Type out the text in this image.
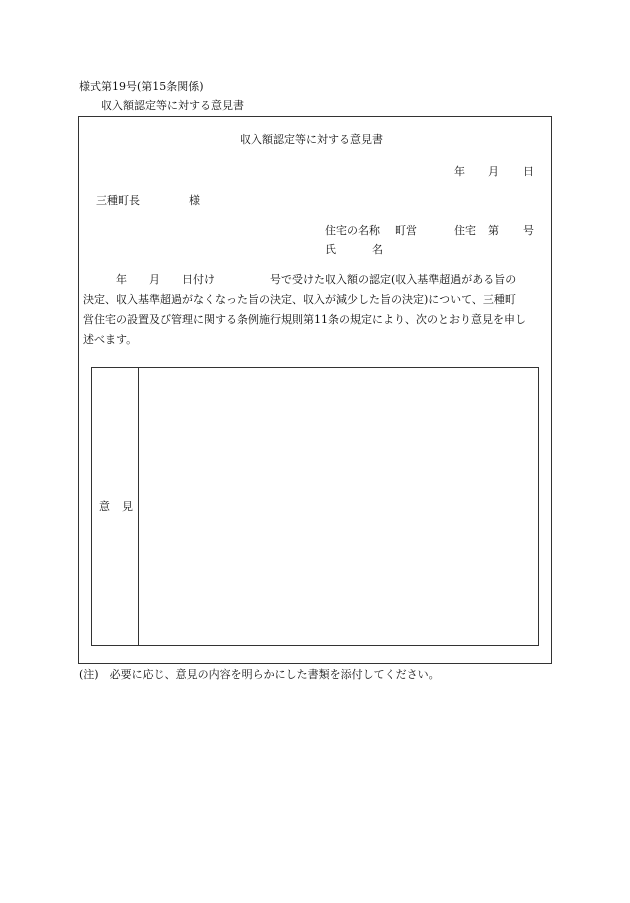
様式第19号(第15条関係)
収入額認定等に対する意見書
収入額認定等に対する意見書
年 月 日
三種町長	様
住宅の名称 町営	住宅 第 号
氏	名
年 月 日付け	号で受けた収入額の認定(収入基準超過がある旨の
決定、収入基準超過がなくなった旨の決定、収入が減少した旨の決定)について、三種町
営住宅の設置及び管理に関する条例施行規則第11条の規定により、次のとおり意見を申し
述べます。
意 見
(注)　必要に応じ、意見の内容を明らかにした書類を添付してください。
